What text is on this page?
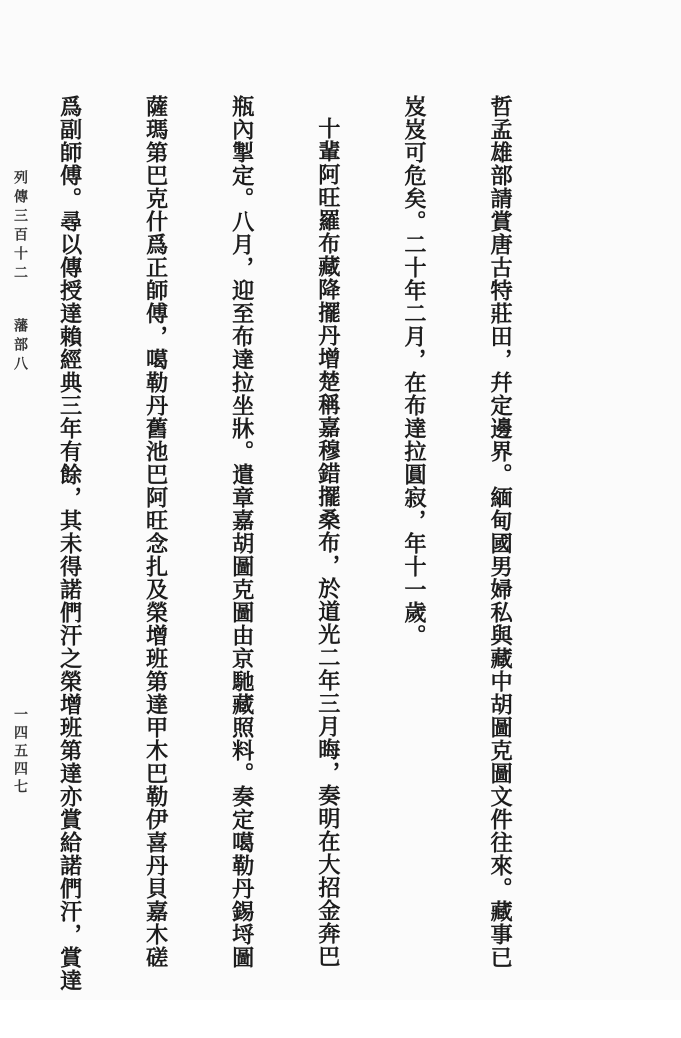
哲孟雄部請賞唐古特莊田，幷定邊界。緬甸國男婦私與藏中胡圖克圖文件往來。藏事已

岌岌可危矣。二十年二月，在布達拉圓寂，年十一歲。

十輩阿旺羅布藏降擺丹增楚稱嘉穆錯擺桑布，於道光二年三月晦，奏明在大招金奔巴

瓶內掣定。八月，迎至布達拉坐牀。遣章嘉胡圖克圖由京馳藏照料。奏定噶勒丹錫埒圖

薩瑪第巴克什爲正師傅，噶勒丹舊池巴阿旺念扎及榮增班第達甲木巴勒伊喜丹貝嘉木磋

爲副師傅。尋以傳授達賴經典三年有餘，其未得諾們汗之榮增班第達亦賞給諾們汗，賞達

列傳三百十二藩部八
一四五四七
